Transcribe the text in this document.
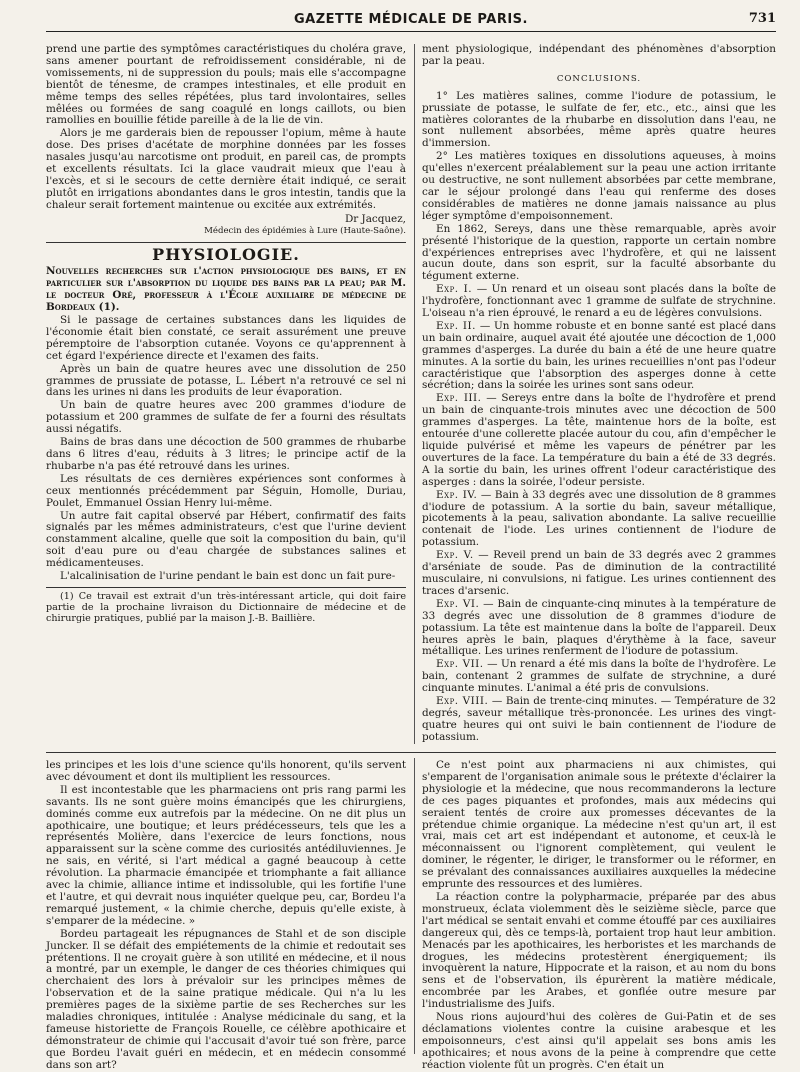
GAZETTE MÉDICALE DE PARIS.	731

prend une partie des symptômes caractéristiques du choléra grave, sans amener pourtant de refroidissement considérable, ni de vomissements, ni de suppression du pouls; mais elle s'accompagne bientôt de ténesme, de crampes intestinales, et elle produit en même temps des selles répétées, plus tard involontaires, selles mêlées ou formées de sang coagulé en longs caillots, ou bien ramollies en bouillie fétide pareille à de la lie de vin.

Alors je me garderais bien de repousser l'opium, même à haute dose. Des prises d'acétate de morphine données par les fosses nasales jusqu'au narcotisme ont produit, en pareil cas, de prompts et excellents résultats. Ici la glace vaudrait mieux que l'eau à l'excès, et si le secours de cette dernière était indiqué, ce serait plutôt en irrigations abondantes dans le gros intestin, tandis que la chaleur serait fortement maintenue ou excitée aux extrémités.

Dr Jacquez,
Médecin des épidémies à Lure (Haute-Saône).
PHYSIOLOGIE.

Nouvelles recherches sur l'action physiologique des bains, et en particulier sur l'absorption du liquide des bains par la peau; par M. le docteur Oré, professeur à l'École auxiliaire de médecine de Bordeaux (1).

Si le passage de certaines substances dans les liquides de l'économie était bien constaté, ce serait assurément une preuve péremptoire de l'absorption cutanée. Voyons ce qu'apprennent à cet égard l'expérience directe et l'examen des faits.

Après un bain de quatre heures avec une dissolution de 250 grammes de prussiate de potasse, L. Lébert n'a retrouvé ce sel ni dans les urines ni dans les produits de leur évaporation.

Un bain de quatre heures avec 200 grammes d'iodure de potassium et 200 grammes de sulfate de fer a fourni des résultats aussi négatifs.

Bains de bras dans une décoction de 500 grammes de rhubarbe dans 6 litres d'eau, réduits à 3 litres; le principe actif de la rhubarbe n'a pas été retrouvé dans les urines.

Les résultats de ces dernières expériences sont conformes à ceux mentionnés précédemment par Séguin, Homolle, Duriau, Poulet, Emmanuel Ossian Henry lui-même.

Un autre fait capital observé par Hébert, confirmatif des faits signalés par les mêmes administrateurs, c'est que l'urine devient constamment alcaline, quelle que soit la composition du bain, qu'il soit d'eau pure ou d'eau chargée de substances salines et médicamenteuses.

L'alcalinisation de l'urine pendant le bain est donc un fait pure-

(1) Ce travail est extrait d'un très-intéressant article, qui doit faire partie de la prochaine livraison du Dictionnaire de médecine et de chirurgie pratiques, publié par la maison J.-B. Baillière.

ment physiologique, indépendant des phénomènes d'absorption par la peau.

CONCLUSIONS.

1° Les matières salines, comme l'iodure de potassium, le prussiate de potasse, le sulfate de fer, etc., etc., ainsi que les matières colorantes de la rhubarbe en dissolution dans l'eau, ne sont nullement absorbées, même après quatre heures d'immersion.

2° Les matières toxiques en dissolutions aqueuses, à moins qu'elles n'exercent préalablement sur la peau une action irritante ou destructive, ne sont nullement absorbées par cette membrane, car le séjour prolongé dans l'eau qui renferme des doses considérables de matières ne donne jamais naissance au plus léger symptôme d'empoisonnement.

En 1862, Sereys, dans une thèse remarquable, après avoir présenté l'historique de la question, rapporte un certain nombre d'expériences entreprises avec l'hydrofère, et qui ne laissent aucun doute, dans son esprit, sur la faculté absorbante du tégument externe.

Exp. I. — Un renard et un oiseau sont placés dans la boîte de l'hydrofère, fonctionnant avec 1 gramme de sulfate de strychnine. L'oiseau n'a rien éprouvé, le renard a eu de légères convulsions.

Exp. II. — Un homme robuste et en bonne santé est placé dans un bain ordinaire, auquel avait été ajoutée une décoction de 1,000 grammes d'asperges. La durée du bain a été de une heure quatre minutes. A la sortie du bain, les urines recueillies n'ont pas l'odeur caractéristique que l'absorption des asperges donne à cette sécrétion; dans la soirée les urines sont sans odeur.

Exp. III. — Sereys entre dans la boîte de l'hydrofère et prend un bain de cinquante-trois minutes avec une décoction de 500 grammes d'asperges. La tête, maintenue hors de la boîte, est entourée d'une collerette placée autour du cou, afin d'empêcher le liquide pulvérisé et même les vapeurs de pénétrer par les ouvertures de la face. La température du bain a été de 33 degrés. A la sortie du bain, les urines offrent l'odeur caractéristique des asperges : dans la soirée, l'odeur persiste.

Exp. IV. — Bain à 33 degrés avec une dissolution de 8 grammes d'iodure de potassium. A la sortie du bain, saveur métallique, picotements à la peau, salivation abondante. La salive recueillie contenait de l'iode. Les urines contiennent de l'iodure de potassium.

Exp. V. — Reveil prend un bain de 33 degrés avec 2 grammes d'arséniate de soude. Pas de diminution de la contractilité musculaire, ni convulsions, ni fatigue. Les urines contiennent des traces d'arsenic.

Exp. VI. — Bain de cinquante-cinq minutes à la température de 33 degrés avec une dissolution de 8 grammes d'iodure de potassium. La tête est maintenue dans la boîte de l'appareil. Deux heures après le bain, plaques d'érythème à la face, saveur métallique. Les urines renferment de l'iodure de potassium.

Exp. VII. — Un renard a été mis dans la boîte de l'hydrofère. Le bain, contenant 2 grammes de sulfate de strychnine, a duré cinquante minutes. L'animal a été pris de convulsions.

Exp. VIII. — Bain de trente-cinq minutes. — Température de 32 degrés, saveur métallique très-prononcée. Les urines des vingt-quatre heures qui ont suivi le bain contiennent de l'iodure de potassium.

les principes et les lois d'une science qu'ils honorent, qu'ils servent avec dévoument et dont ils multiplient les ressources.

Il est incontestable que les pharmaciens ont pris rang parmi les savants. Ils ne sont guère moins émancipés que les chirurgiens, dominés comme eux autrefois par la médecine. On ne dit plus un apothicaire, une boutique; et leurs prédécesseurs, tels que les a représentés Molière, dans l'exercice de leurs fonctions, nous apparaissent sur la scène comme des curiosités antédiluviennes. Je ne sais, en vérité, si l'art médical a gagné beaucoup à cette révolution. La pharmacie émancipée et triomphante a fait alliance avec la chimie, alliance intime et indissoluble, qui les fortifie l'une et l'autre, et qui devrait nous inquiéter quelque peu, car, Bordeu l'a remarqué justement, « la chimie cherche, depuis qu'elle existe, à s'emparer de la médecine. »

Bordeu partageait les répugnances de Stahl et de son disciple Juncker. Il se défait des empiétements de la chimie et redoutait ses prétentions. Il ne croyait guère à son utilité en médecine, et il nous a montré, par un exemple, le danger de ces théories chimiques qui cherchaient des lors à prévaloir sur les principes mêmes de l'observation et de la saine pratique médicale. Qui n'a lu les premières pages de la sixième partie de ses Recherches sur les maladies chroniques, intitulée : Analyse médicinale du sang, et la fameuse historiette de François Rouelle, ce célèbre apothicaire et démonstrateur de chimie qui l'accusait d'avoir tué son frère, parce que Bordeu l'avait guéri en médecin, et en médecin consommé dans son art?

Ce n'est point aux pharmaciens ni aux chimistes, qui s'emparent de l'organisation animale sous le prétexte d'éclairer la physiologie et la médecine, que nous recommanderons la lecture de ces pages piquantes et profondes, mais aux médecins qui seraient tentés de croire aux promesses décevantes de la prétendue chimie organique. La médecine n'est qu'un art, il est vrai, mais cet art est indépendant et autonome, et ceux-là le méconnaissent ou l'ignorent complètement, qui veulent le dominer, le régenter, le diriger, le transformer ou le réformer, en se prévalant des connaissances auxiliaires auxquelles la médecine emprunte des ressources et des lumières.

La réaction contre la polypharmacie, préparée par des abus monstrueux, éclata violemment dès le seizième siècle, parce que l'art médical se sentait envahi et comme étouffé par ces auxiliaires dangereux qui, dès ce temps-là, portaient trop haut leur ambition. Menacés par les apothicaires, les herboristes et les marchands de drogues, les médecins protestèrent énergiquement; ils invoquèrent la nature, Hippocrate et la raison, et au nom du bons sens et de l'observation, ils épurèrent la matière médicale, encombrée par les Arabes, et gonflée outre mesure par l'industrialisme des Juifs.

Nous rions aujourd'hui des colères de Gui-Patin et de ses déclamations violentes contre la cuisine arabesque et les empoisonneurs, c'est ainsi qu'il appelait ses bons amis les apothicaires; et nous avons de la peine à comprendre que cette réaction violente fût un progrès. C'en était un
